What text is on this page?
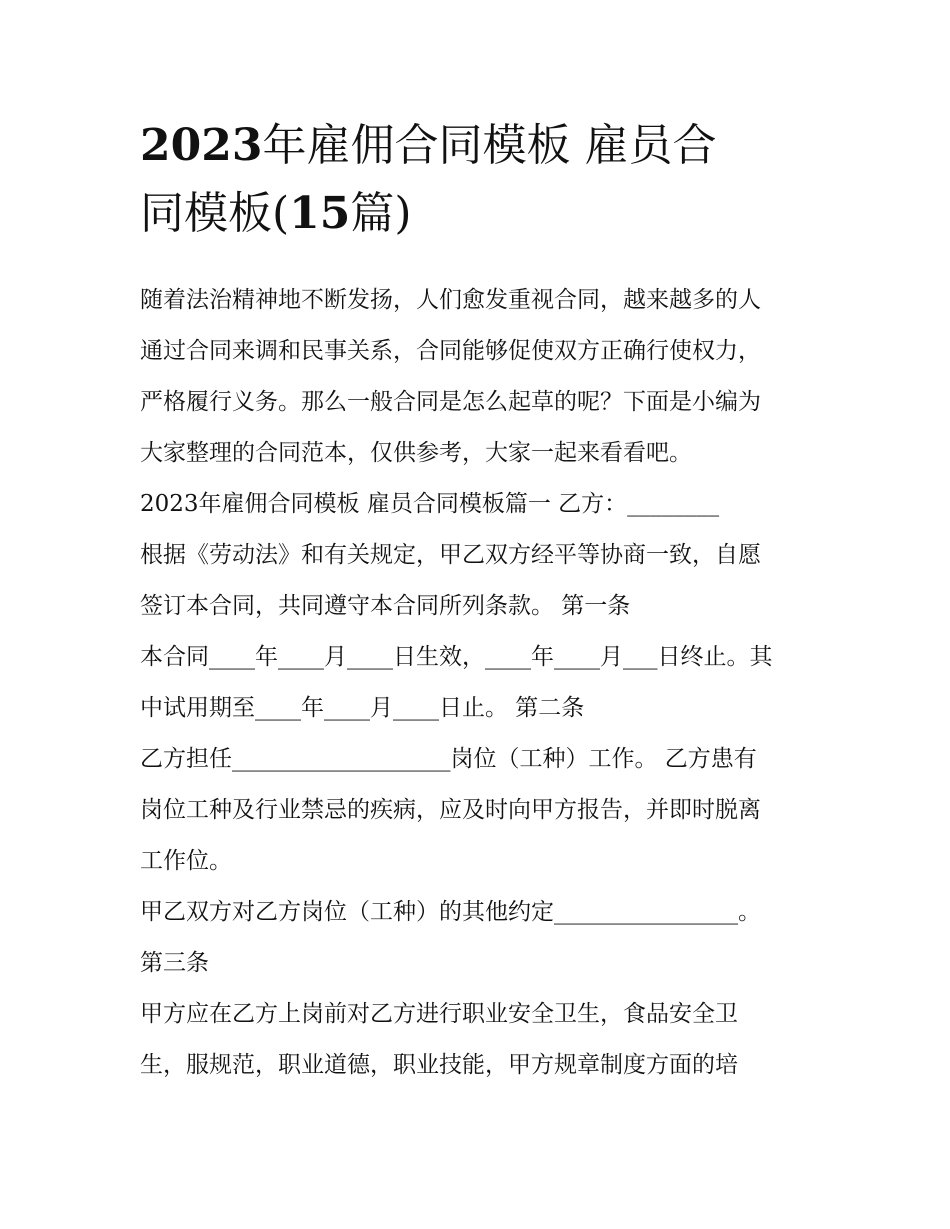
2023年雇佣合同模板 雇员合
同模板(15篇)
随着法治精神地不断发扬，人们愈发重视合同，越来越多的人
通过合同来调和民事关系，合同能够促使双方正确行使权力，
严格履行义务。那么一般合同是怎么起草的呢？下面是小编为
大家整理的合同范本，仅供参考，大家一起来看看吧。
2023年雇佣合同模板 雇员合同模板篇一 乙方：________
根据《劳动法》和有关规定，甲乙双方经平等协商一致，自愿
签订本合同，共同遵守本合同所列条款。 第一条
本合同____年____月____日生效，____年____月___日终止。其
中试用期至____年____月____日止。 第二条
乙方担任___________________岗位（工种）工作。 乙方患有
岗位工种及行业禁忌的疾病，应及时向甲方报告，并即时脱离
工作位。
甲乙双方对乙方岗位（工种）的其他约定________________。
第三条
甲方应在乙方上岗前对乙方进行职业安全卫生，食品安全卫
生，服规范，职业道德，职业技能，甲方规章制度方面的培
